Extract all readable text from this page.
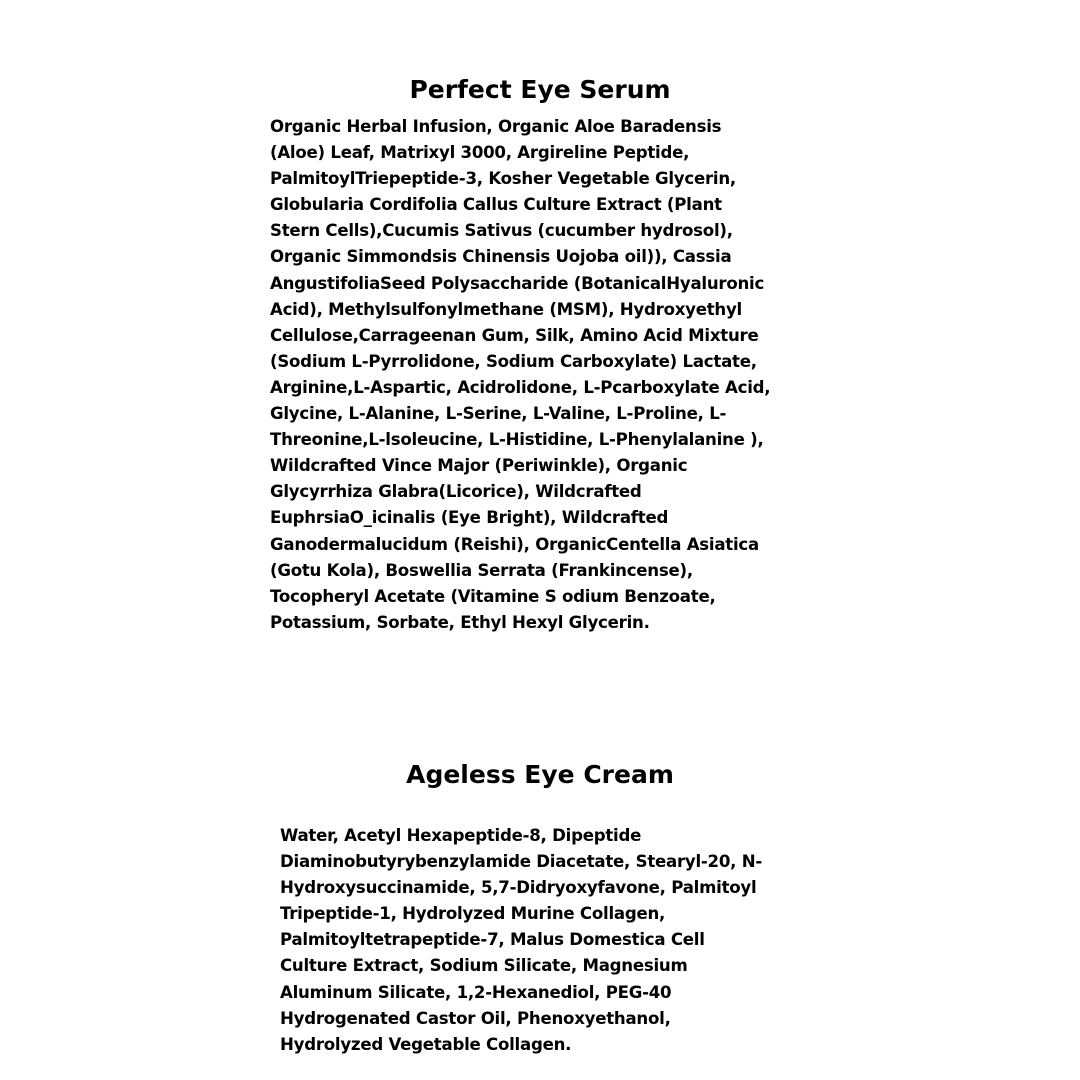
Perfect Eye Serum
Organic Herbal Infusion, Organic Aloe Baradensis
(Aloe) Leaf, Matrixyl 3000, Argireline Peptide,
PalmitoylTriepeptide-3, Kosher Vegetable Glycerin,
Globularia Cordifolia Callus Culture Extract (Plant
Stern Cells),Cucumis Sativus (cucumber hydrosol),
Organic Simmondsis Chinensis Uojoba oil)), Cassia
AngustifoliaSeed Polysaccharide (BotanicalHyaluronic
Acid), Methylsulfonylmethane (MSM), Hydroxyethyl
Cellulose,Carrageenan Gum, Silk, Amino Acid Mixture
(Sodium L-Pyrrolidone, Sodium Carboxylate) Lactate,
Arginine,L-Aspartic, Acidrolidone, L-Pcarboxylate Acid,
Glycine, L-Alanine, L-Serine, L-Valine, L-Proline, L-
Threonine,L-lsoleucine, L-Histidine, L-Phenylalanine ),
Wildcrafted Vince Major (Periwinkle), Organic
Glycyrrhiza Glabra(Licorice), Wildcrafted
EuphrsiaO_icinalis (Eye Bright), Wildcrafted
Ganodermalucidum (Reishi), OrganicCentella Asiatica
(Gotu Kola), Boswellia Serrata (Frankincense),
Tocopheryl Acetate (Vitamine S odium Benzoate,
Potassium, Sorbate, Ethyl Hexyl Glycerin.
Ageless Eye Cream
Water, Acetyl Hexapeptide-8, Dipeptide
Diaminobutyrybenzylamide Diacetate, Stearyl-20, N-
Hydroxysuccinamide, 5,7-Didryoxyfavone, Palmitoyl
Tripeptide-1, Hydrolyzed Murine Collagen,
Palmitoyltetrapeptide-7, Malus Domestica Cell
Culture Extract, Sodium Silicate, Magnesium
Aluminum Silicate, 1,2-Hexanediol, PEG-40
Hydrogenated Castor Oil, Phenoxyethanol,
Hydrolyzed Vegetable Collagen.
